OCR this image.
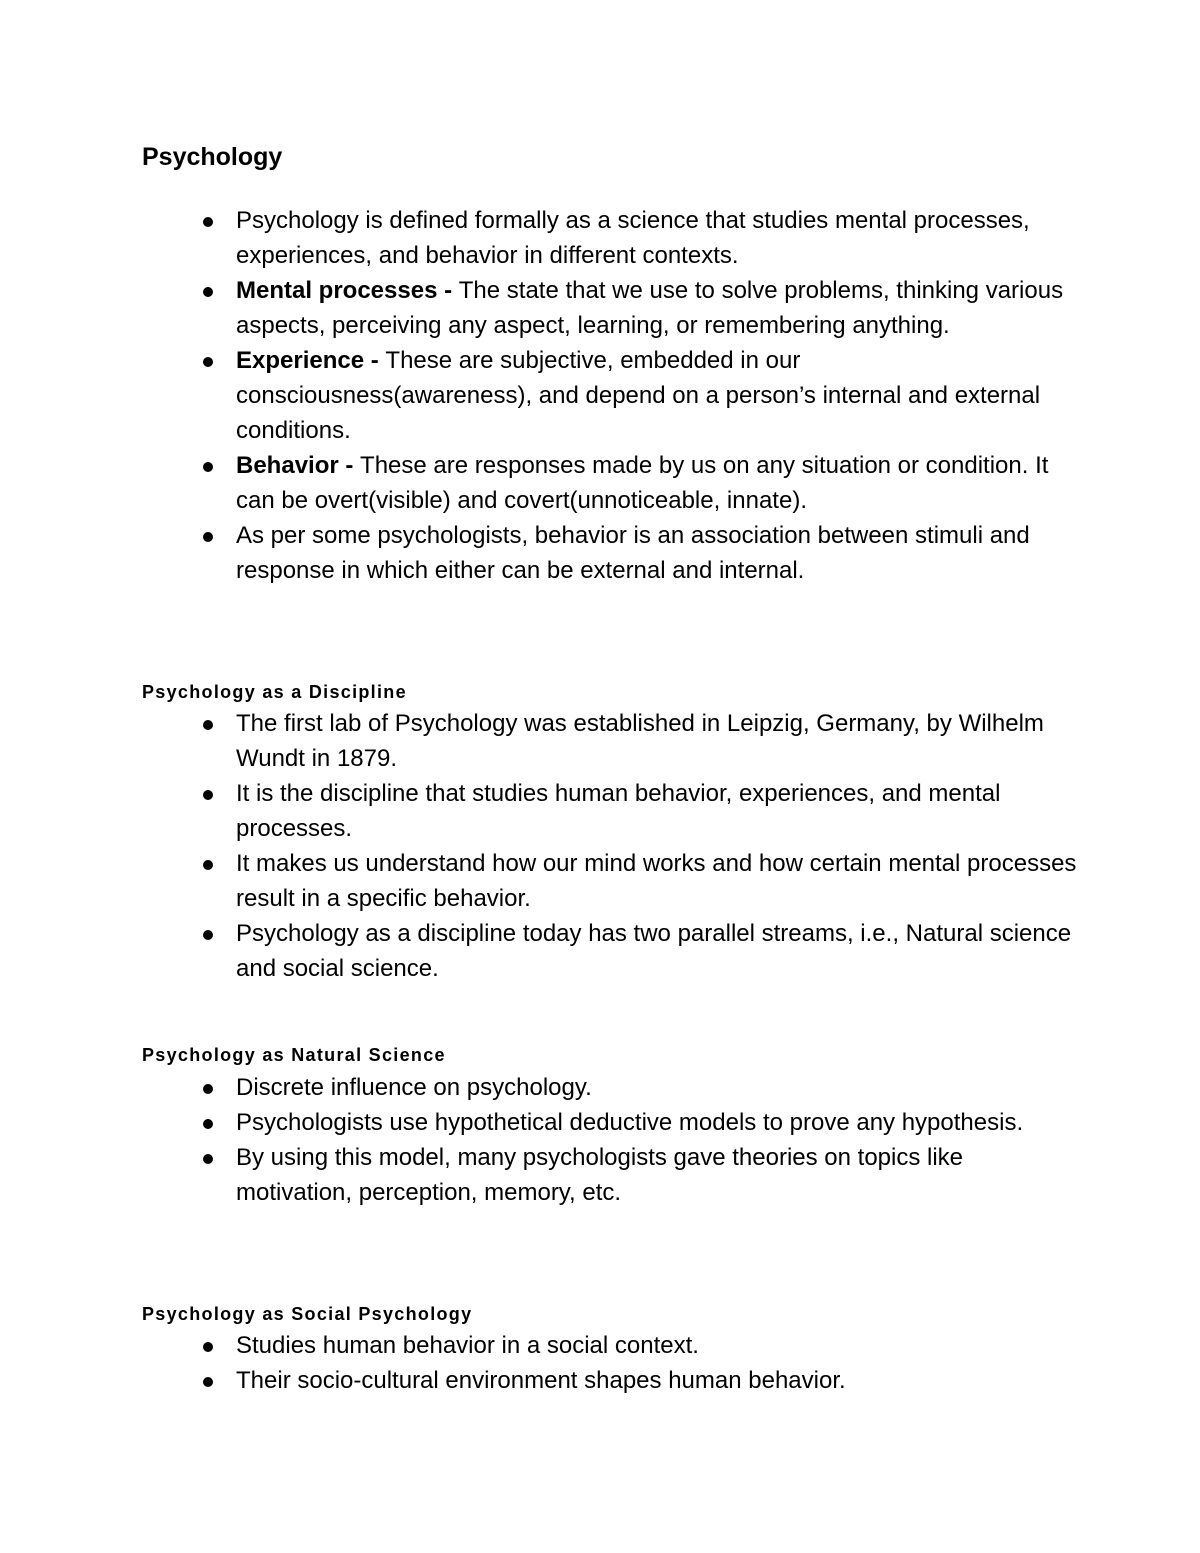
Psychology
Psychology is defined formally as a science that studies mental processes, experiences, and behavior in different contexts.
Mental processes - The state that we use to solve problems, thinking various aspects, perceiving any aspect, learning, or remembering anything.
Experience - These are subjective, embedded in our consciousness(awareness), and depend on a person’s internal and external conditions.
Behavior - These are responses made by us on any situation or condition. It can be overt(visible) and covert(unnoticeable, innate).
As per some psychologists, behavior is an association between stimuli and response in which either can be external and internal.
Psychology as a Discipline
The first lab of Psychology was established in Leipzig, Germany, by Wilhelm Wundt in 1879.
It is the discipline that studies human behavior, experiences, and mental processes.
It makes us understand how our mind works and how certain mental processes result in a specific behavior.
Psychology as a discipline today has two parallel streams, i.e., Natural science and social science.
Psychology as Natural Science
Discrete influence on psychology.
Psychologists use hypothetical deductive models to prove any hypothesis.
By using this model, many psychologists gave theories on topics like motivation, perception, memory, etc.
Psychology as Social Psychology
Studies human behavior in a social context.
Their socio-cultural environment shapes human behavior.
